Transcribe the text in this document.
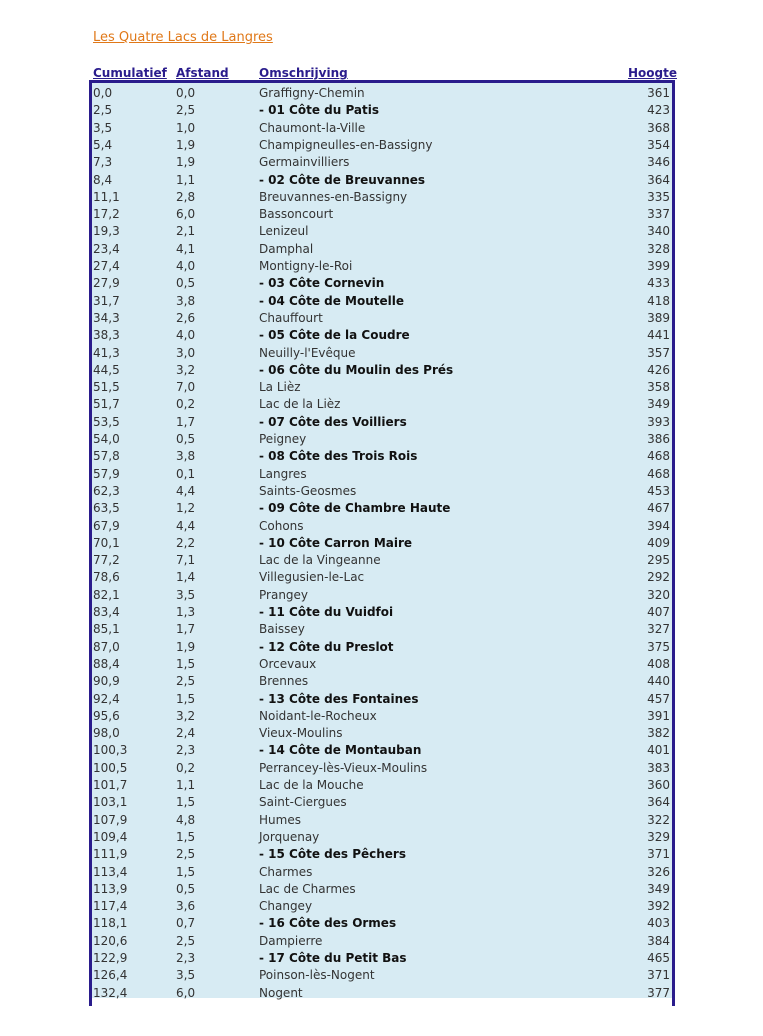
Les Quatre Lacs de Langres
Cumulatief Afstand	Omschrijving	Hoogte
0,0	0,0	Graffigny-Chemin	361
2,5	2,5	- 01 Côte du Patis	423
3,5	1,0	Chaumont-la-Ville	368
5,4	1,9	Champigneulles-en-Bassigny	354
7,3	1,9	Germainvilliers	346
8,4	1,1	- 02 Côte de Breuvannes	364
11,1	2,8	Breuvannes-en-Bassigny	335
17,2	6,0	Bassoncourt	337
19,3	2,1	Lenizeul	340
23,4	4,1	Damphal	328
27,4	4,0	Montigny-le-Roi	399
27,9	0,5	- 03 Côte Cornevin	433
31,7	3,8	- 04 Côte de Moutelle	418
34,3	2,6	Chauffourt	389
38,3	4,0	- 05 Côte de la Coudre	441
41,3	3,0	Neuilly-l'Evêque	357
44,5	3,2	- 06 Côte du Moulin des Prés	426
51,5	7,0	La Lièz	358
51,7	0,2	Lac de la Lièz	349
53,5	1,7	- 07 Côte des Voilliers	393
54,0	0,5	Peigney	386
57,8	3,8	- 08 Côte des Trois Rois	468
57,9	0,1	Langres	468
62,3	4,4	Saints-Geosmes	453
63,5	1,2	- 09 Côte de Chambre Haute	467
67,9	4,4	Cohons	394
70,1	2,2	- 10 Côte Carron Maire	409
77,2	7,1	Lac de la Vingeanne	295
78,6	1,4	Villegusien-le-Lac	292
82,1	3,5	Prangey	320
83,4	1,3	- 11 Côte du Vuidfoi	407
85,1	1,7	Baissey	327
87,0	1,9	- 12 Côte du Preslot	375
88,4	1,5	Orcevaux	408
90,9	2,5	Brennes	440
92,4	1,5	- 13 Côte des Fontaines	457
95,6	3,2	Noidant-le-Rocheux	391
98,0	2,4	Vieux-Moulins	382
100,3	2,3	- 14 Côte de Montauban	401
100,5	0,2	Perrancey-lès-Vieux-Moulins	383
101,7	1,1	Lac de la Mouche	360
103,1	1,5	Saint-Ciergues	364
107,9	4,8	Humes	322
109,4	1,5	Jorquenay	329
111,9	2,5	- 15 Côte des Pêchers	371
113,4	1,5	Charmes	326
113,9	0,5	Lac de Charmes	349
117,4	3,6	Changey	392
118,1	0,7	- 16 Côte des Ormes	403
120,6	2,5	Dampierre	384
122,9	2,3	- 17 Côte du Petit Bas	465
126,4	3,5	Poinson-lès-Nogent	371
132,4	6,0	Nogent	377
